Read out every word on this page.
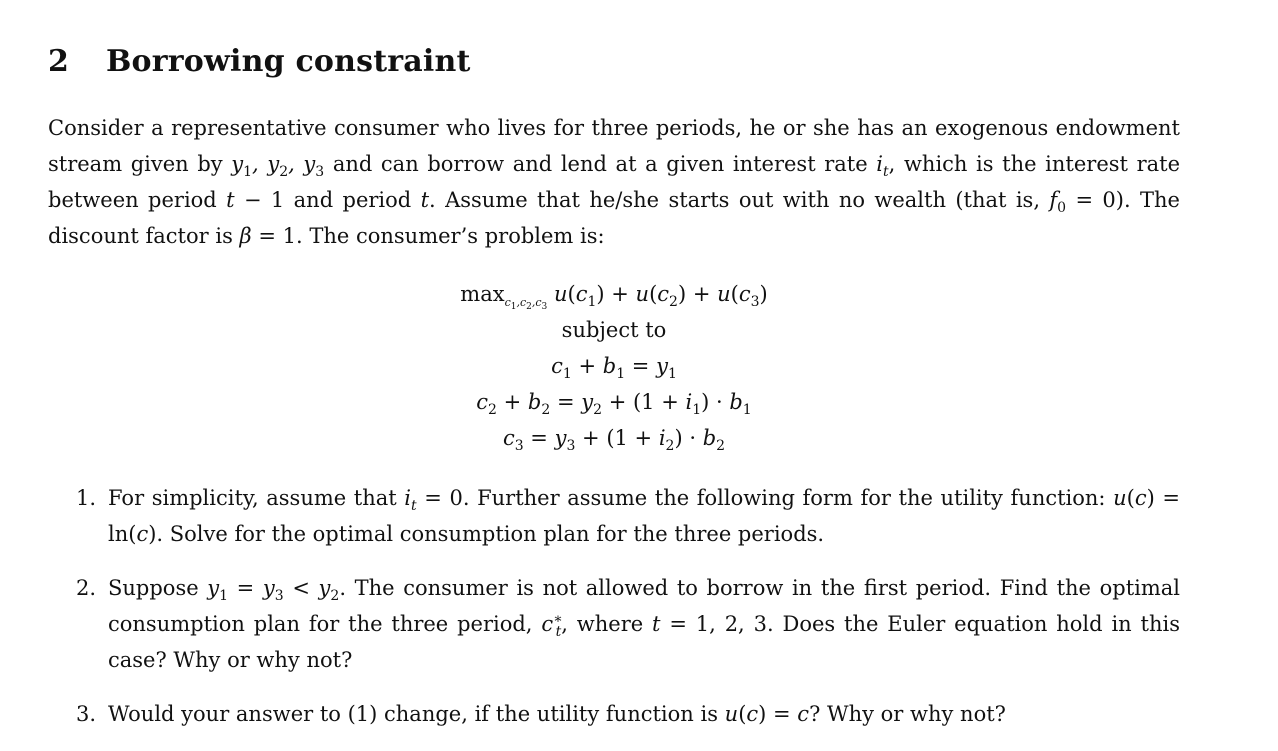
2 Borrowing constraint

Consider a representative consumer who lives for three periods, he or she has an exogenous endowment stream given by $y_1$, $y_2$, $y_3$ and can borrow and lend at a given interest rate $i_t$, which is the interest rate between period t − 1 and period t. Assume that he/she starts out with no wealth (that is, $f_0 = 0$). The discount factor is β = 1. The consumer’s problem is:

$\max_{c_1,c_2,c_3} u(c_1) + u(c_2) + u(c_3)$
subject to
$c_1 + b_1 = y_1$
$c_2 + b_2 = y_2 + (1 + i_1) \cdot b_1$
$c_3 = y_3 + (1 + i_2) \cdot b_2$
1. For simplicity, assume that $i_t = 0$. Further assume the following form for the utility function: u(c) = ln(c). Solve for the optimal consumption plan for the three periods.
2. Suppose $y_1 = y_3 < y_2$. The consumer is not allowed to borrow in the first period. Find the optimal consumption plan for the three period, $c^∗_t$, where t = 1, 2, 3. Does the Euler equation hold in this case? Why or why not?
3. Would your answer to (1) change, if the utility function is u(c) = c? Why or why not?
